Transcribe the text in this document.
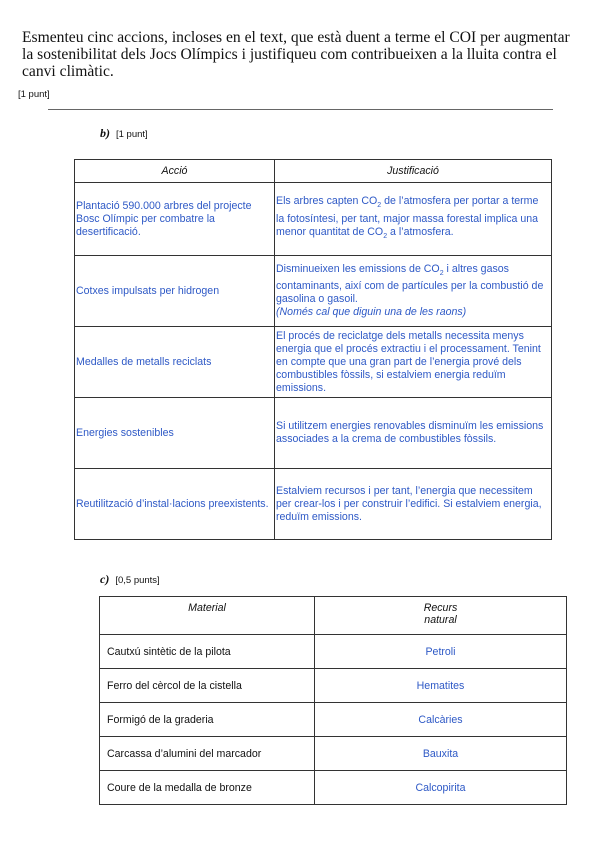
Esmenteu cinc accions, incloses en el text, que està duent a terme el COI per augmentar la sostenibilitat dels Jocs Olímpics i justifiqueu com contribueixen a la lluita contra el canvi climàtic.
[1 punt]
b) [1 punt]
Acció	Justificació
Plantació 590.000 arbres del projecte Bosc Olímpic per combatre la desertificació.	Els arbres capten $CO_2$ de l’atmosfera per portar a terme la fotosíntesi, per tant, major massa forestal implica una menor quantitat de $CO_2$ a l’atmosfera.
Cotxes impulsats per hidrogen	Disminueixen les emissions de $CO_2$ i altres gasos contaminants, així com de partícules per la combustió de gasolina o gasoil.
(Només cal que diguin una de les raons)
Medalles de metalls reciclats	El procés de reciclatge dels metalls necessita menys energia que el procés extractiu i el processament. Tenint en compte que una gran part de l’energia prové dels combustibles fòssils, si estalviem energia reduïm emissions.
Energies sostenibles	Si utilitzem energies renovables disminuïm les emissions associades a la crema de combustibles fòssils.
Reutilització d’instal·lacions preexistents.	Estalviem recursos i per tant, l’energia que necessitem per crear-los i per construir l’edifici. Si estalviem energia, reduïm emissions.
c) [0,5 punts]
Material	Recurs
natural
Cautxú sintètic de la pilota	Petroli
Ferro del cèrcol de la cistella	Hematites
Formigó de la graderia	Calcàries
Carcassa d’alumini del marcador	Bauxita
Coure de la medalla de bronze	Calcopirita
